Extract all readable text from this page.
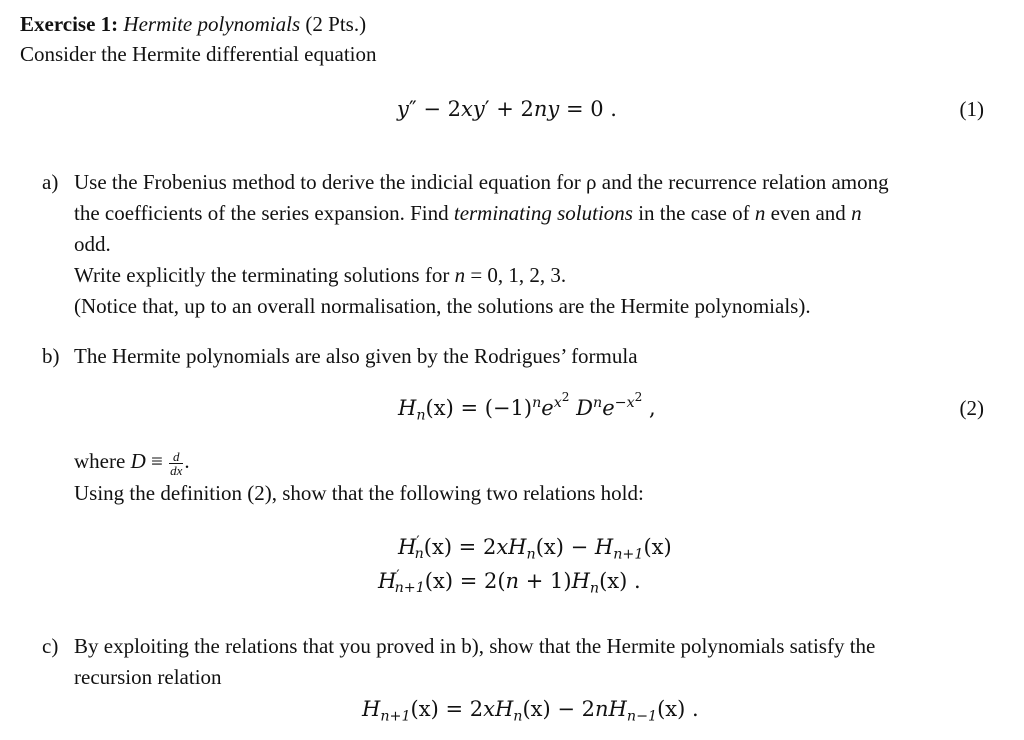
Exercise 1: Hermite polynomials (2 Pts.)
Consider the Hermite differential equation
y″ − 2xy′ + 2ny = 0 .	(1)
a) Use the Frobenius method to derive the indicial equation for ρ and the recurrence relation among
the coefficients of the series expansion. Find terminating solutions in the case of n even and n
odd.
Write explicitly the terminating solutions for n = 0, 1, 2, 3.
(Notice that, up to an overall normalisation, the solutions are the Hermite polynomials).
b) The Hermite polynomials are also given by the Rodrigues’ formula
$H_n(x) = (-1)^ne^{x^2}$ $D^ne^{-x^2}$ ,	(2)
where $D \equiv \frac{d}{dx}$ .
Using the definition (2), show that the following two relations hold:
$H'_n(x) = 2xH_n(x) - H_{n+1}(x)$
$H'_{n+1}(x) = 2(n + 1)H_n(x)$ .
c) By exploiting the relations that you proved in b), show that the Hermite polynomials satisfy the
recursion relation
$H_{n+1}(x) = 2xH_n(x) - 2nH_{n-1}(x)$ .
